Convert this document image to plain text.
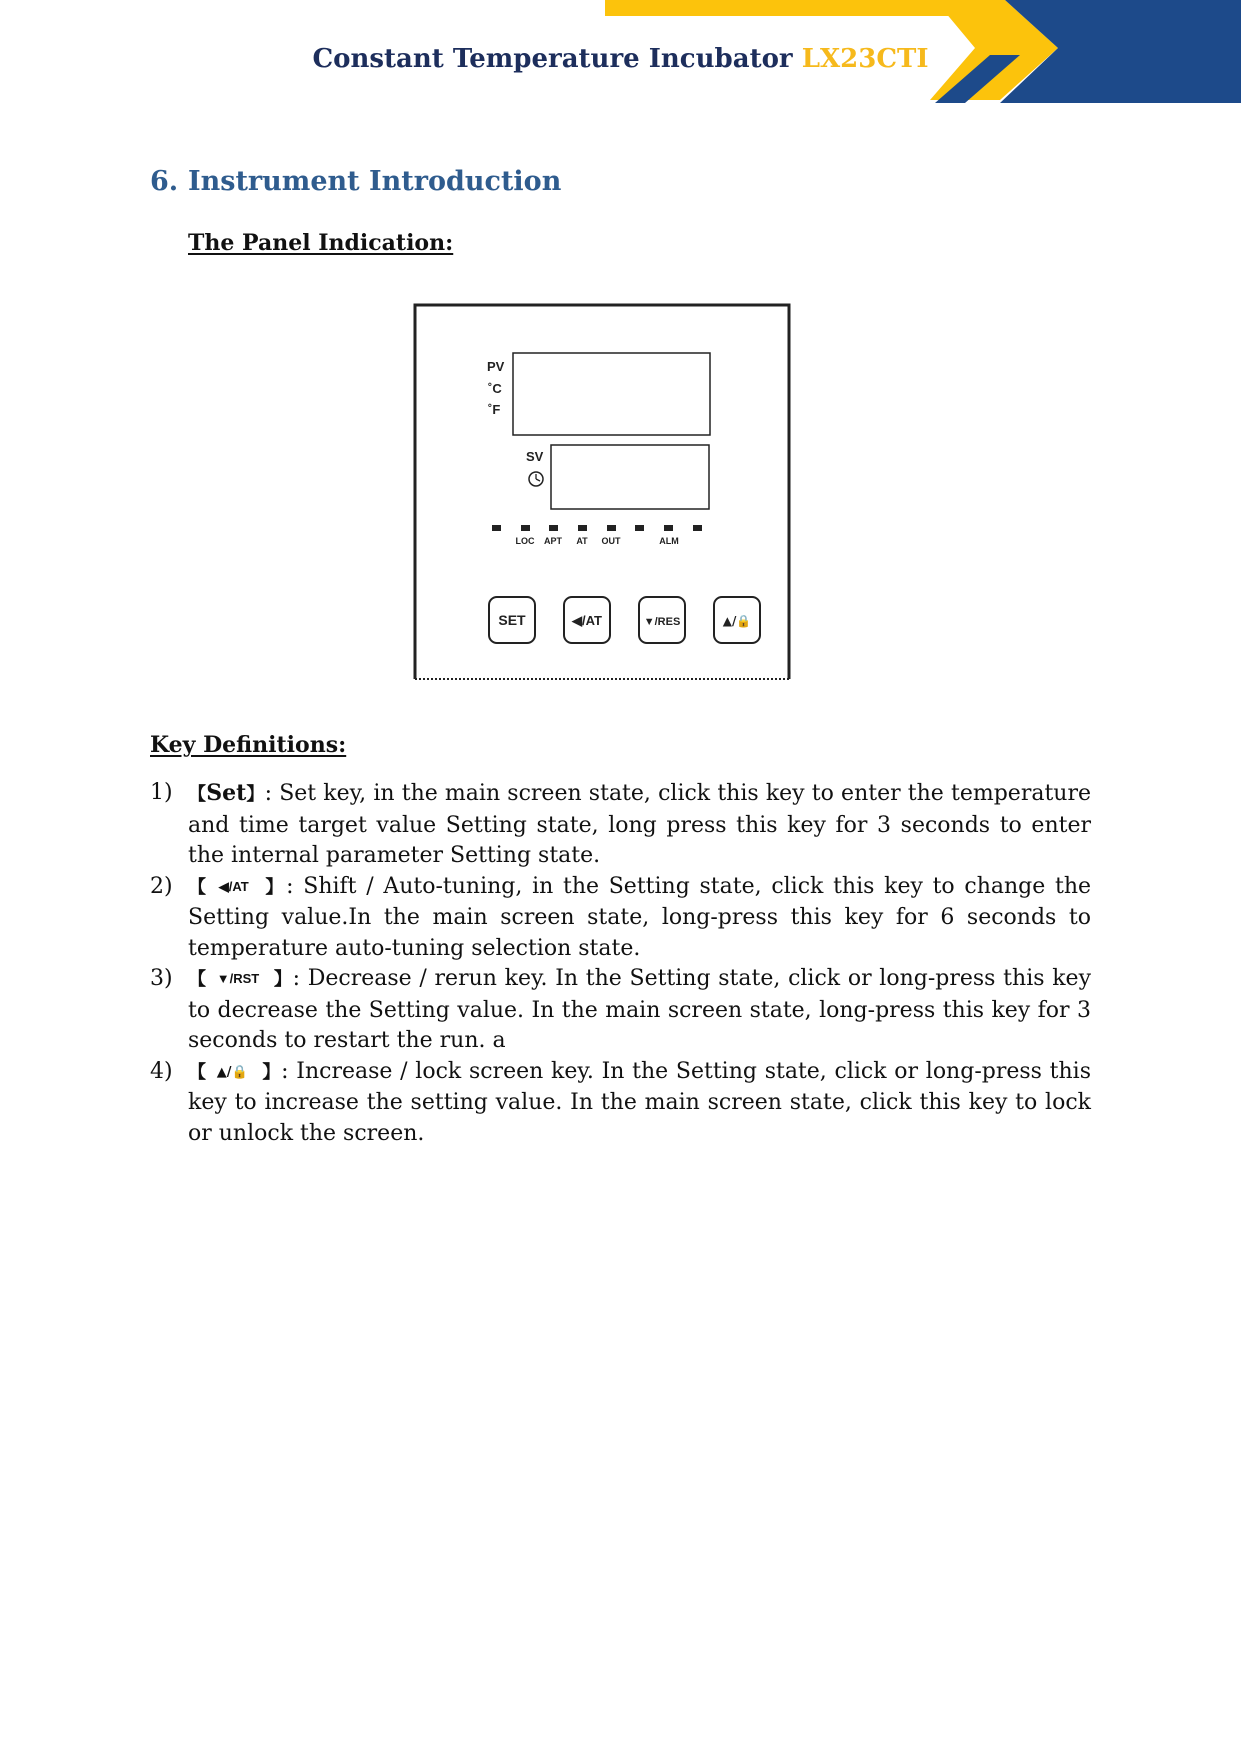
Constant Temperature Incubator LX23CTI
6. Instrument Introduction
The Panel Indication:
PV
˚C
˚F
SV
LOC APT AT OUT	ALM
SET	◀/AT	▼/RES	▲/🔒
Key Definitions:
1) 【Set】: Set key, in the main screen state, click this key to enter the temperature and time target value Setting state, long press this key for 3 seconds to enter the internal parameter Setting state.
2) 【 ◀/AT 】: Shift / Auto-tuning, in the Setting state, click this key to change the Setting value.In the main screen state, long-press this key for 6 seconds to temperature auto-tuning selection state.
3) 【 ▼/RST 】: Decrease / rerun key. In the Setting state, click or long-press this key to decrease the Setting value. In the main screen state, long-press this key for 3 seconds to restart the run. a
4) 【 ▲/🔒 】: Increase / lock screen key. In the Setting state, click or long-press this key to increase the setting value. In the main screen state, click this key to lock or unlock the screen.
